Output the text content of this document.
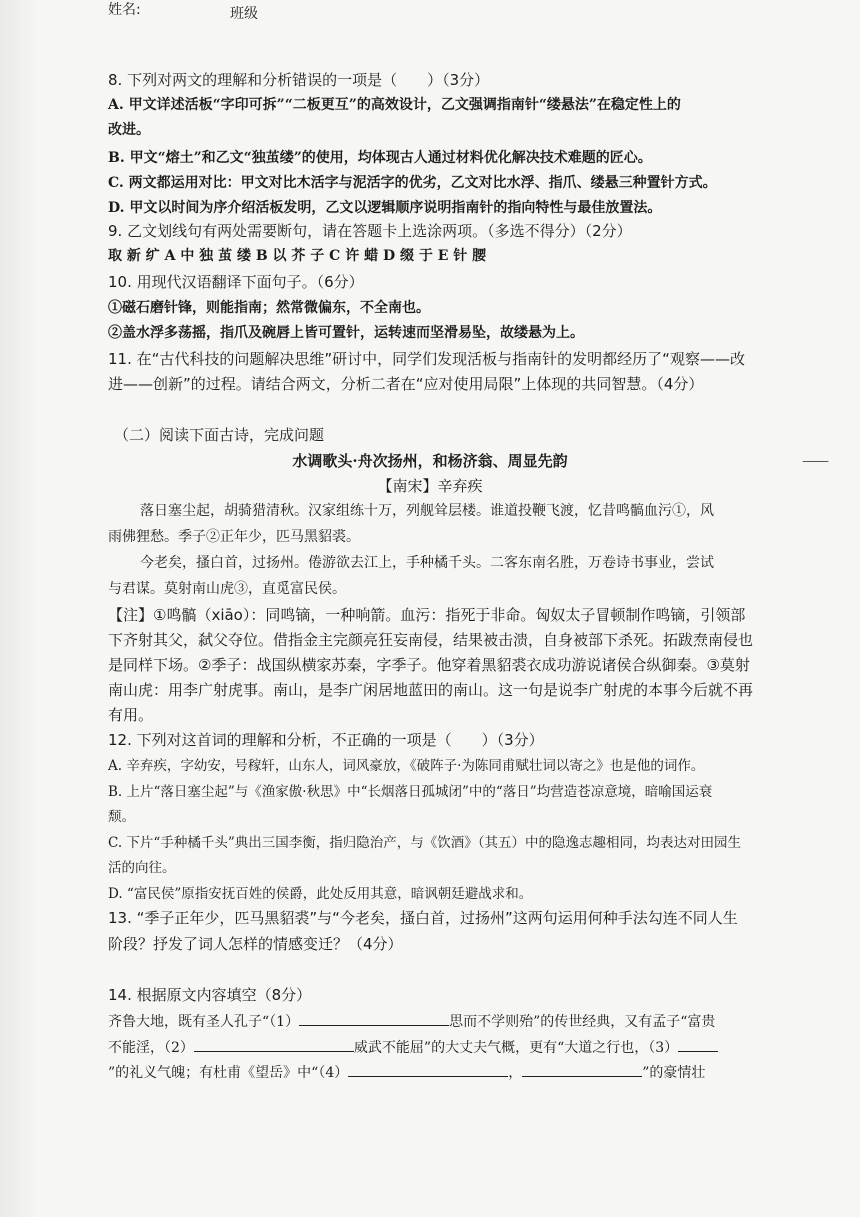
姓名:	班级
8. 下列对两文的理解和分析错误的一项是（　　）（3分）
A. 甲文详述活板“字印可拆”“二板更互”的高效设计，乙文强调指南针“缕悬法”在稳定性上的
改进。
B. 甲文“熔土”和乙文“独茧缕”的使用，均体现古人通过材料优化解决技术难题的匠心。
C. 两文都运用对比：甲文对比木活字与泥活字的优劣，乙文对比水浮、指爪、缕悬三种置针方式。
D. 甲文以时间为序介绍活板发明，乙文以逻辑顺序说明指南针的指向特性与最佳放置法。
9. 乙文划线句有两处需要断句，请在答题卡上选涂两项。（多选不得分）（2分）
取 新 纩 A 中 独 茧 缕 B 以 芥 子 C 许 蜡 D 缀 于 E 针 腰
10. 用现代汉语翻译下面句子。（6分）
①磁石磨针锋，则能指南；然常微偏东，不全南也。
②盖水浮多荡摇，指爪及碗唇上皆可置针，运转速而坚滑易坠，故缕悬为上。
11. 在“古代科技的问题解决思维”研讨中，同学们发现活板与指南针的发明都经历了“观察——改
进——创新”的过程。请结合两文，分析二者在“应对使用局限”上体现的共同智慧。（4分）
（二）阅读下面古诗，完成问题
水调歌头·舟次扬州，和杨济翁、周显先韵	⸺
【南宋】辛弃疾
落日塞尘起，胡骑猎清秋。汉家组练十万，列舰耸层楼。谁道投鞭飞渡，忆昔鸣髇血污①，风
雨佛狸愁。季子②正年少，匹马黑貂裘。
今老矣，搔白首，过扬州。倦游欲去江上，手种橘千头。二客东南名胜，万卷诗书事业，尝试
与君谋。莫射南山虎③，直觅富民侯。
【注】①鸣髇（xiāo）：同鸣镝，一种响箭。血污：指死于非命。匈奴太子冒顿制作鸣镝，引领部
下齐射其父，弑父夺位。借指金主完颜亮狂妄南侵，结果被击溃，自身被部下杀死。拓跋焘南侵也
是同样下场。②季子：战国纵横家苏秦，字季子。他穿着黑貂裘衣成功游说诸侯合纵御秦。③莫射
南山虎：用李广射虎事。南山，是李广闲居地蓝田的南山。这一句是说李广射虎的本事今后就不再
有用。
12. 下列对这首词的理解和分析，不正确的一项是（　　）（3分）
A. 辛弃疾，字幼安，号稼轩，山东人，词风豪放，《破阵子·为陈同甫赋壮词以寄之》也是他的词作。
B. 上片“落日塞尘起”与《渔家傲·秋思》中“长烟落日孤城闭”中的“落日”均营造苍凉意境，暗喻国运衰
颓。
C. 下片“手种橘千头”典出三国李衡，指归隐治产，与《饮酒》（其五）中的隐逸志趣相同，均表达对田园生
活的向往。
D. “富民侯”原指安抚百姓的侯爵，此处反用其意，暗讽朝廷避战求和。
13. “季子正年少，匹马黑貂裘”与“今老矣，搔白首，过扬州”这两句运用何种手法勾连不同人生
阶段？抒发了词人怎样的情感变迁？（4分）
14. 根据原文内容填空（8分）
齐鲁大地，既有圣人孔子“（1）	思而不学则殆”的传世经典，又有孟子“富贵
不能淫，（2）	威武不能屈”的大丈夫气概，更有“大道之行也，（3）
”的礼义气魄；有杜甫《望岳》中“（4）	，	”的豪情壮
